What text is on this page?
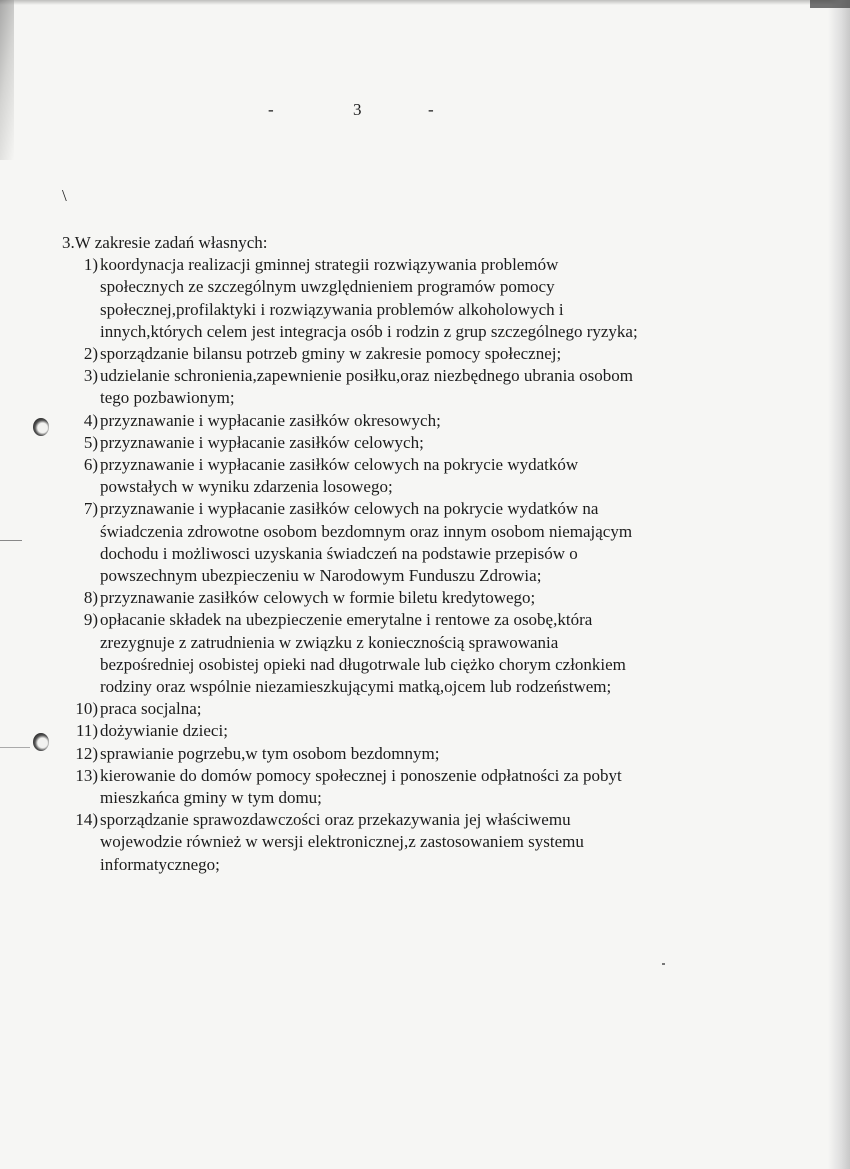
-	3	-
\
3.W zakresie zadań własnych:
1) koordynacja realizacji gminnej strategii rozwiązywania problemów
społecznych ze szczególnym uwzględnieniem programów pomocy
społecznej,profilaktyki i rozwiązywania problemów alkoholowych i
innych,których celem jest integracja osób i rodzin z grup szczególnego ryzyka;
2) sporządzanie bilansu potrzeb gminy w zakresie pomocy społecznej;
3) udzielanie schronienia,zapewnienie posiłku,oraz niezbędnego ubrania osobom
tego pozbawionym;
4) przyznawanie i wypłacanie zasiłków okresowych;
5) przyznawanie i wypłacanie zasiłków celowych;
6) przyznawanie i wypłacanie zasiłków celowych na pokrycie wydatków
powstałych w wyniku zdarzenia losowego;
7) przyznawanie i wypłacanie zasiłków celowych na pokrycie wydatków na
świadczenia zdrowotne osobom bezdomnym oraz innym osobom niemającym
dochodu i możliwosci uzyskania świadczeń na podstawie przepisów o
powszechnym ubezpieczeniu w Narodowym Funduszu Zdrowia;
8) przyznawanie zasiłków celowych w formie biletu kredytowego;
9) opłacanie składek na ubezpieczenie emerytalne i rentowe za osobę,która
zrezygnuje z zatrudnienia w związku z koniecznością sprawowania
bezpośredniej osobistej opieki nad długotrwale lub ciężko chorym członkiem
rodziny oraz wspólnie niezamieszkującymi matką,ojcem lub rodzeństwem;
10) praca socjalna;
11) dożywianie dzieci;
12) sprawianie pogrzebu,w tym osobom bezdomnym;
13) kierowanie do domów pomocy społecznej i ponoszenie odpłatności za pobyt
mieszkańca gminy w tym domu;
14) sporządzanie sprawozdawczości oraz przekazywania jej właściwemu
wojewodzie również w wersji elektronicznej,z zastosowaniem systemu
informatycznego;
